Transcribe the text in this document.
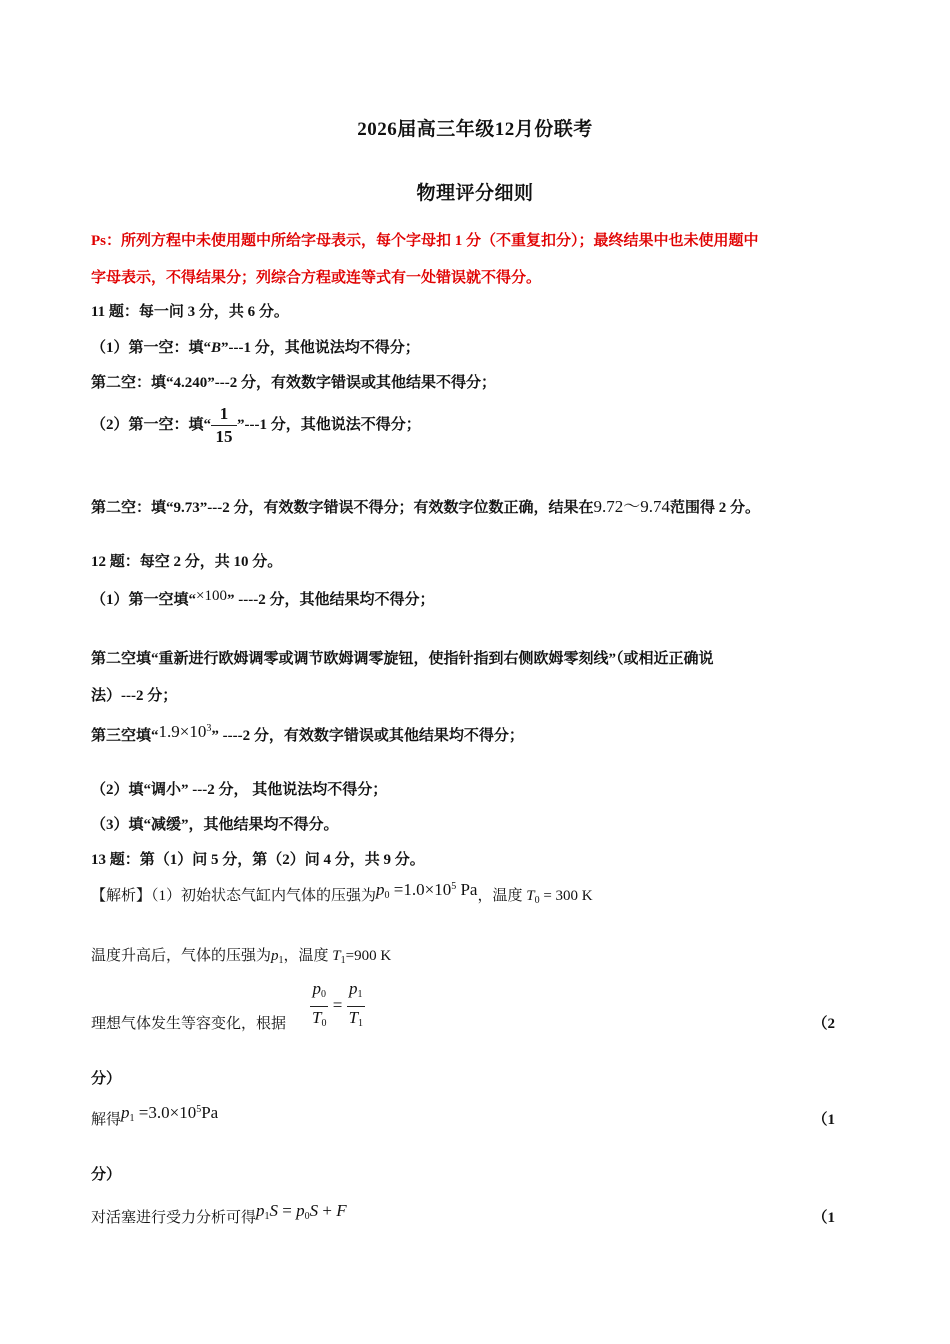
2026届高三年级12月份联考
物理评分细则
Ps：所列方程中未使用题中所给字母表示，每个字母扣 1 分（不重复扣分）；最终结果中也未使用题中
字母表示，不得结果分；列综合方程或连等式有一处错误就不得分。
11 题：每一问 3 分，共 6 分。
（1）第一空：填“B”---1 分，其他说法均不得分；
第二空：填“4.240”---2 分，有效数字错误或其他结果不得分；
（2）第一空：填“ $\frac{1}{15}$ ”---1 分，其他说法不得分；
第二空：填“9.73”---2 分，有效数字错误不得分；有效数字位数正确，结果在9.72～9.74范围得 2 分。
12 题：每空 2 分，共 10 分。
（1）第一空填“×100” ----2 分，其他结果均不得分；
第二空填“重新进行欧姆调零或调节欧姆调零旋钮，使指针指到右侧欧姆零刻线”（或相近正确说
法）---2 分；
第三空填“$1.9\times 10^3$” ----2 分，有效数字错误或其他结果均不得分；
（2）填“调小” ---2 分， 其他说法均不得分；
（3）填“减缓”，其他结果均不得分。
13 题：第（1）问 5 分，第（2）问 4 分，共 9 分。
【解析】（1）初始状态气缸内气体的压强为$p_0 =1.0\times 10^5$ Pa，温度 $T_0 = 300$ K
温度升高后，气体的压强为$p_1$，温度 $T_1=900$ K
理想气体发生等容变化，根据 $\frac{p_0}{T_0} = \frac{p_1}{T_1}$	（2
分）
解得$p_1 =3.0\times 10^5Pa$	（1
分）
对活塞进行受力分析可得$p_1S = p_0S + F$	（1
